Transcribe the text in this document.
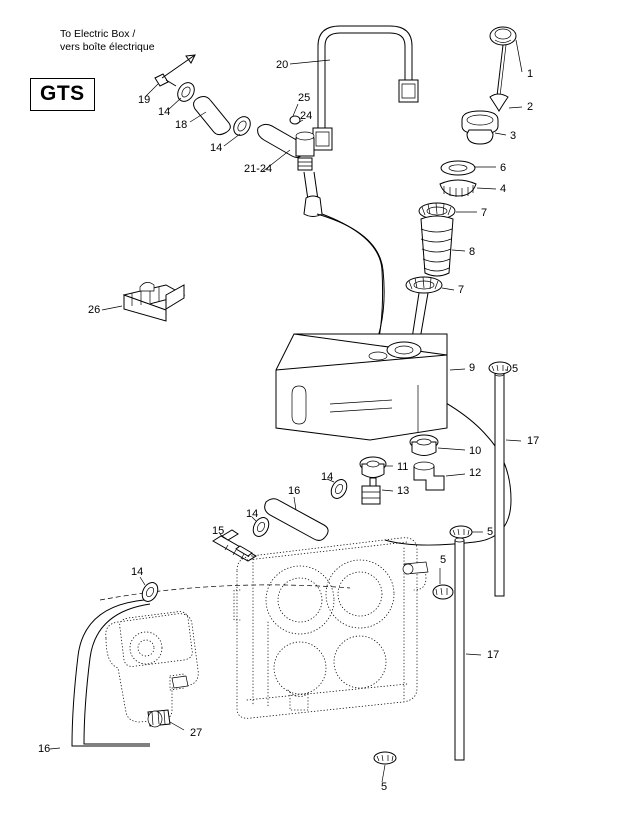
To Electric Box /
vers boîte électrique
GTS
1
2
3
6
4
7
8
7
5
9
17
10
12
11
13
14
16
14
15	5
5
14
17
27
16
5
20
25
24
19
14
18
14
21-24
26
